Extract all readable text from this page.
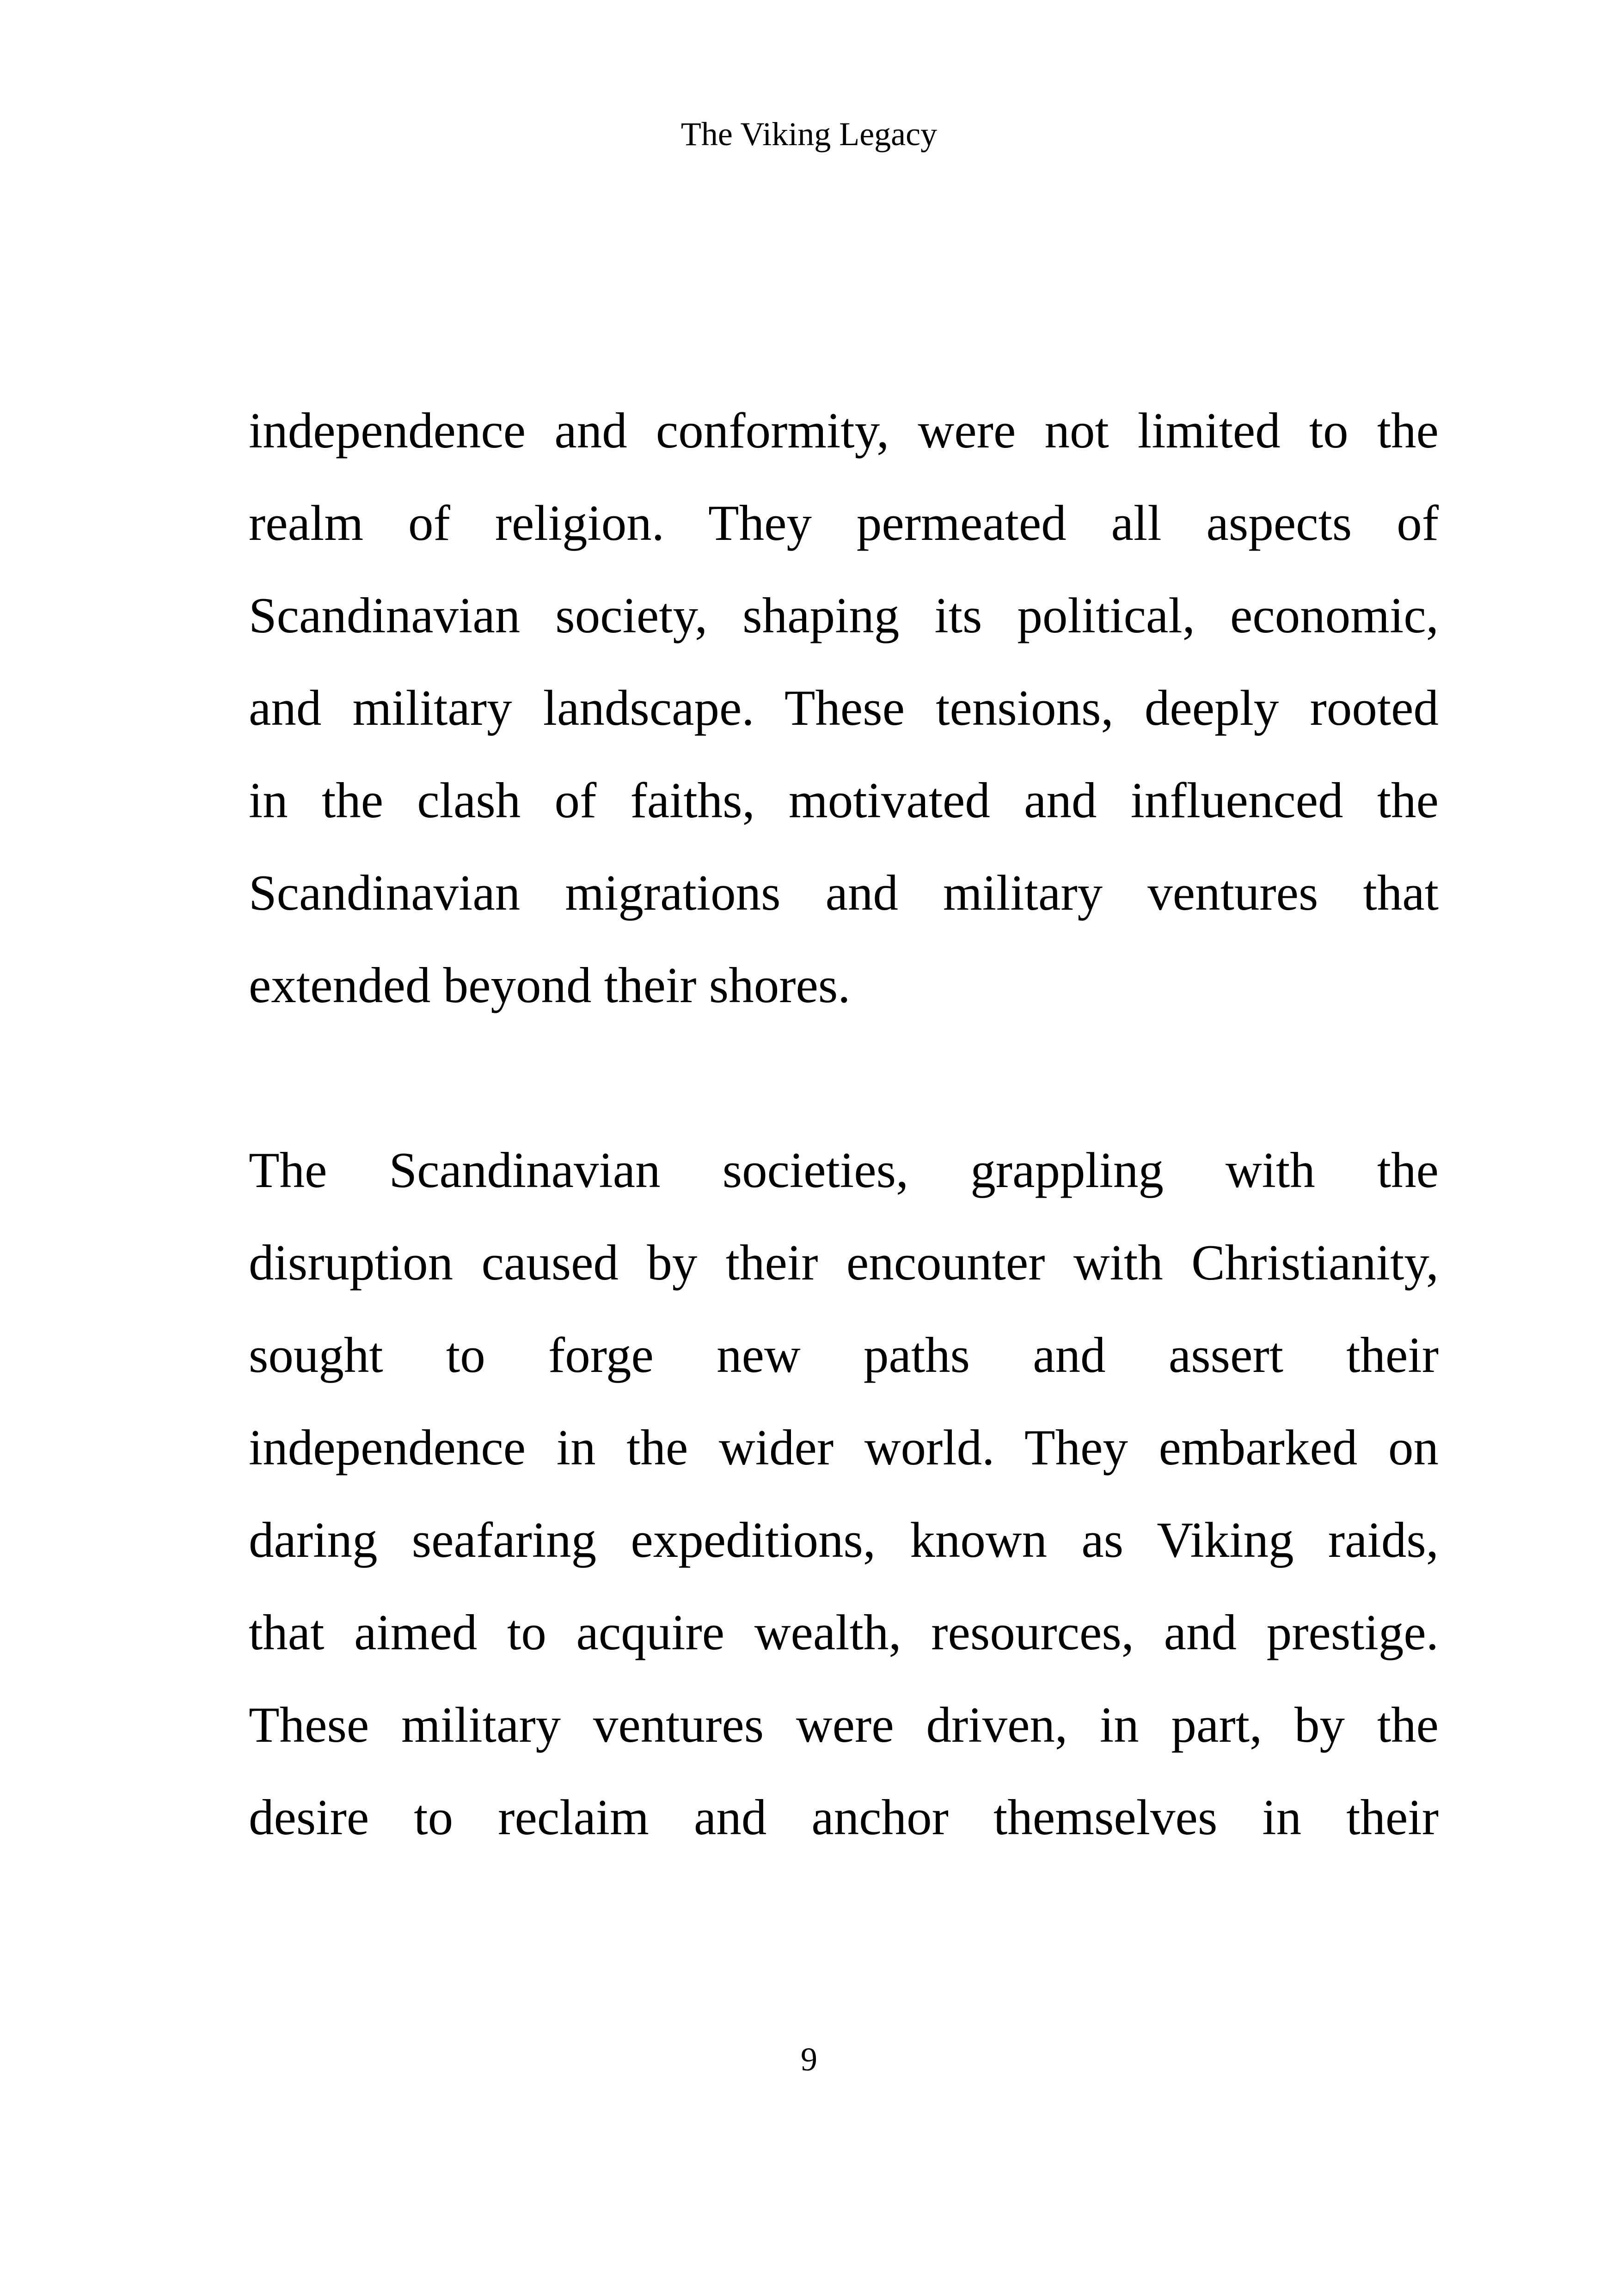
The Viking Legacy
independence and conformity, were not limited to the
realm of religion. They permeated all aspects of
Scandinavian society, shaping its political, economic,
and military landscape. These tensions, deeply rooted
in the clash of faiths, motivated and influenced the
Scandinavian migrations and military ventures that
extended beyond their shores.
The Scandinavian societies, grappling with the
disruption caused by their encounter with Christianity,
sought to forge new paths and assert their
independence in the wider world. They embarked on
daring seafaring expeditions, known as Viking raids,
that aimed to acquire wealth, resources, and prestige.
These military ventures were driven, in part, by the
desire to reclaim and anchor themselves in their
9
